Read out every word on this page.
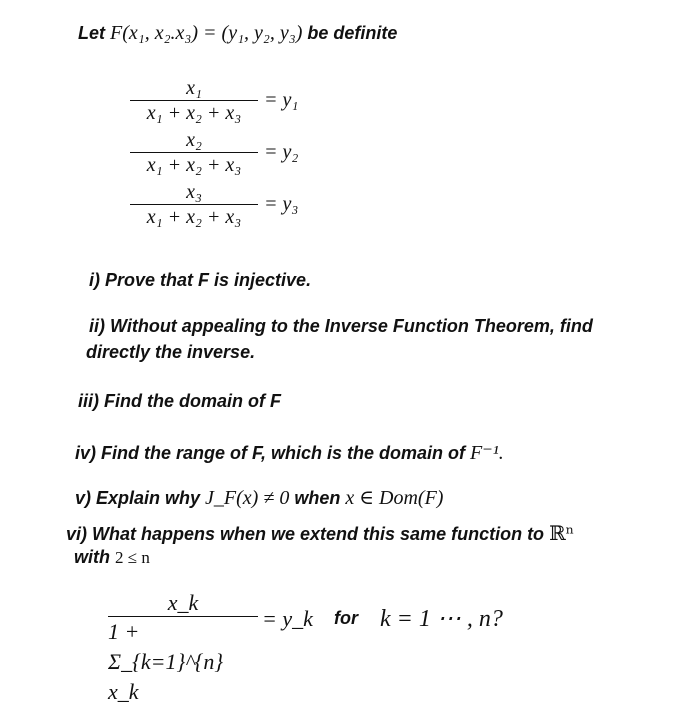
Let F(x₁, x₂.x₃) = (y₁, y₂, y₃) be definite
x₁
x₁ + x₂ + x₃
= y₁
x₂
x₁ + x₂ + x₃
= y₂
x₃
x₁ + x₂ + x₃
= y₃
i) Prove that F is injective.
ii) Without appealing to the Inverse Function Theorem, find
directly the inverse.
iii) Find the domain of F
iv) Find the range of F, which is the domain of F⁻¹.
v) Explain why J_F(x) ≠ 0 when x ∈ Dom(F)
vi) What happens when we extend this same function to ℝⁿ
with 2 ≤ n
x_k
1 + Σ_{k=1}^{n} x_k
= y_k for k = 1 ⋯ , n?
